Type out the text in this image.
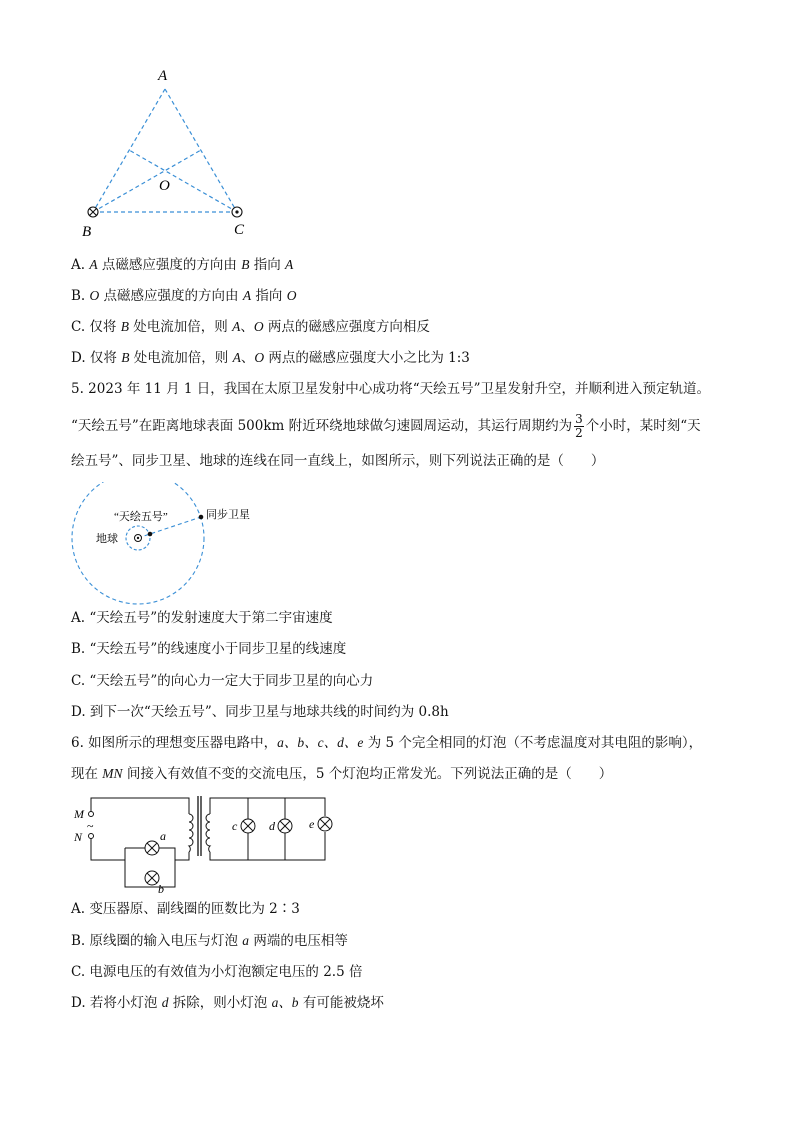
A
O
B	C
A. A 点磁感应强度的方向由 B 指向 A
B. O 点磁感应强度的方向由 A 指向 O
C. 仅将 B 处电流加倍，则 A、O 两点的磁感应强度方向相反
D. 仅将 B 处电流加倍，则 A、O 两点的磁感应强度大小之比为 1:3
5. 2023 年 11 月 1 日，我国在太原卫星发射中心成功将“天绘五号”卫星发射升空，并顺利进入预定轨道。
“天绘五号”在距离地球表面 500km 附近环绕地球做匀速圆周运动，其运行周期约为 $\frac{3}{2}$ 个小时，某时刻“天
绘五号”、同步卫星、地球的连线在同一直线上，如图所示，则下列说法正确的是（　　）
“天绘五号”	同步卫星
地球
A. “天绘五号”的发射速度大于第二宇宙速度
B. “天绘五号”的线速度小于同步卫星的线速度
C. “天绘五号”的向心力一定大于同步卫星的向心力
D. 到下一次“天绘五号”、同步卫星与地球共线的时间约为 0.8h
6. 如图所示的理想变压器电路中，a、b、c、d、e 为 5 个完全相同的灯泡（不考虑温度对其电阻的影响），
现在 MN 间接入有效值不变的交流电压，5 个灯泡均正常发光。下列说法正确的是（　　）
M
N
~
a
b
c	d	e
A. 变压器原、副线圈的匝数比为 2∶3
B. 原线圈的输入电压与灯泡 a 两端的电压相等
C. 电源电压的有效值为小灯泡额定电压的 2.5 倍
D. 若将小灯泡 d 拆除，则小灯泡 a、b 有可能被烧坏
